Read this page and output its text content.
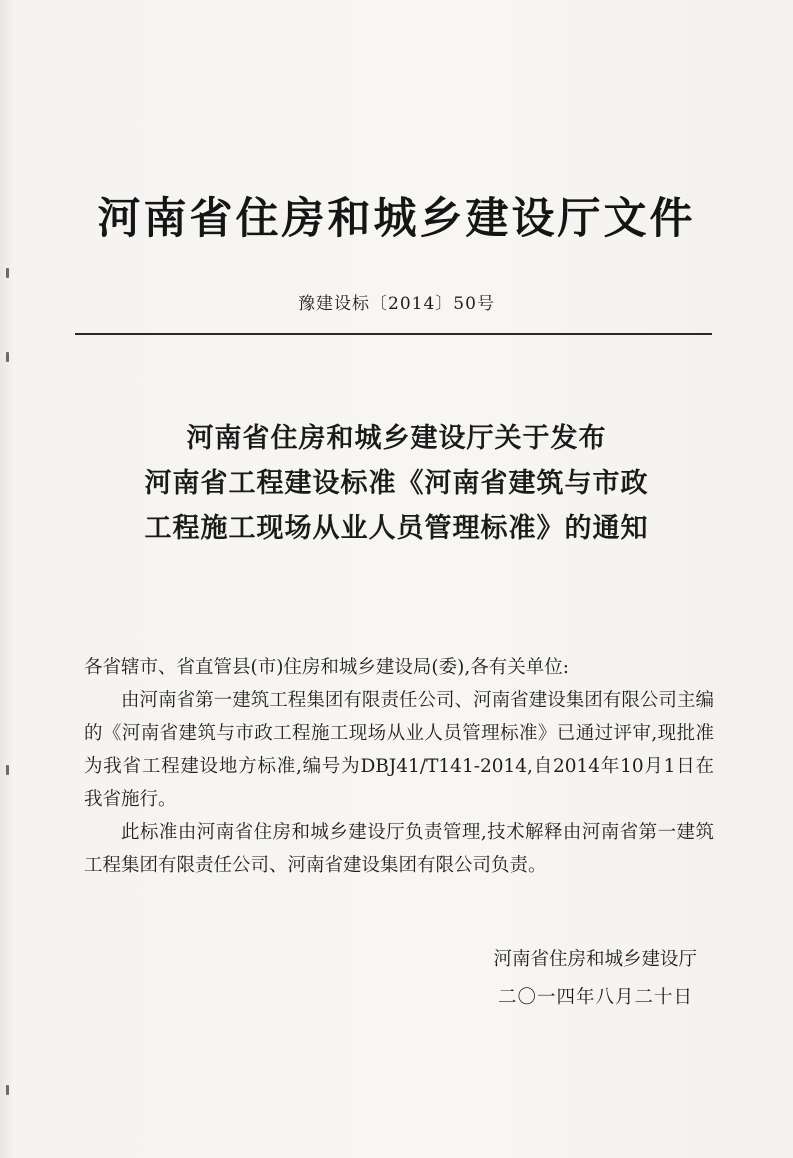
河南省住房和城乡建设厅文件
豫建设标〔2014〕50号
河南省住房和城乡建设厅关于发布
河南省工程建设标准《河南省建筑与市政
工程施工现场从业人员管理标准》的通知

各省辖市、省直管县(市)住房和城乡建设局(委),各有关单位:

由河南省第一建筑工程集团有限责任公司、河南省建设集团有限公司主编的《河南省建筑与市政工程施工现场从业人员管理标准》已通过评审,现批准为我省工程建设地方标准,编号为DBJ41/T141-2014,自2014年10月1日在我省施行。

此标准由河南省住房和城乡建设厅负责管理,技术解释由河南省第一建筑工程集团有限责任公司、河南省建设集团有限公司负责。

河南省住房和城乡建设厅
二〇一四年八月二十日
